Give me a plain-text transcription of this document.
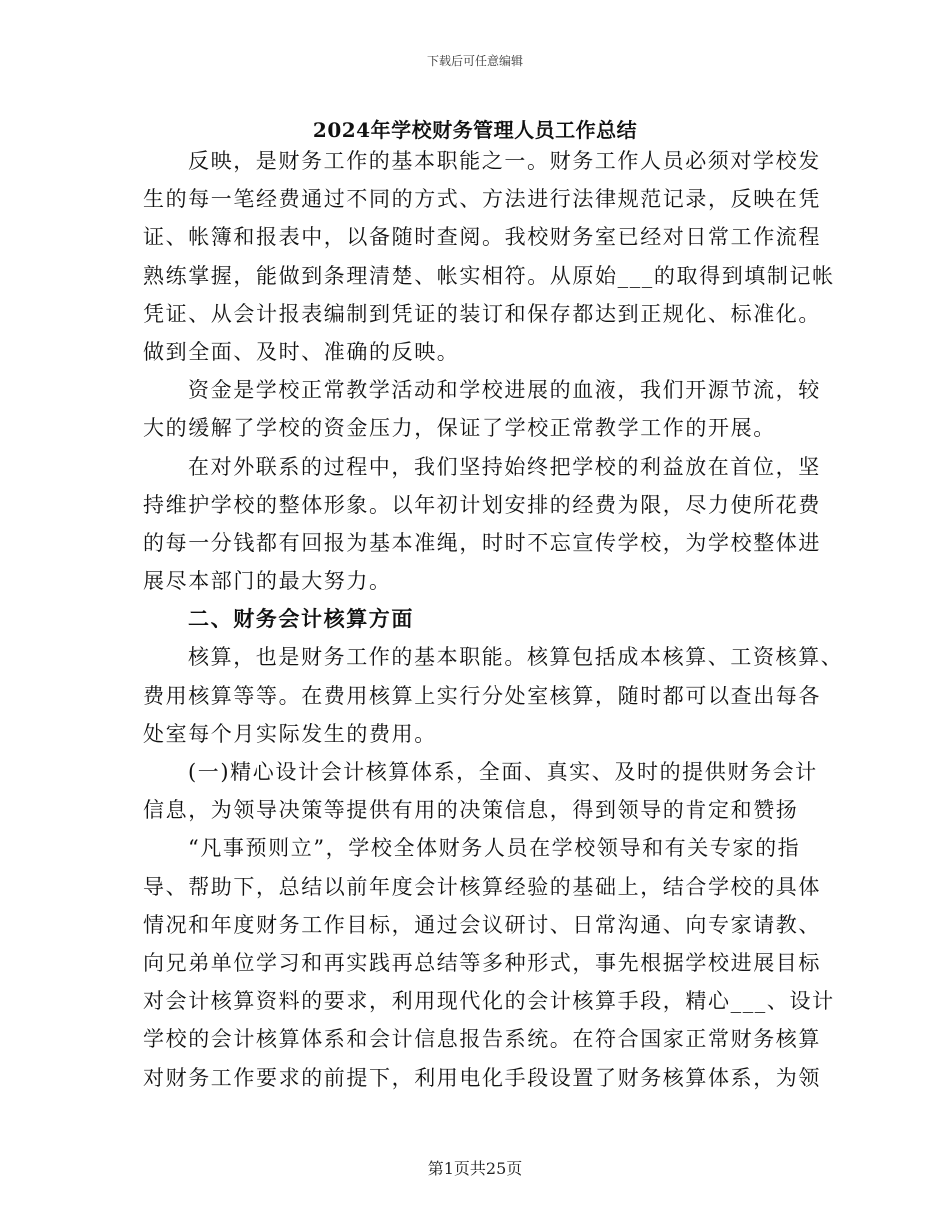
下载后可任意编辑
2024年学校财务管理人员工作总结
反映，是财务工作的基本职能之一。财务工作人员必须对学校发
生的每一笔经费通过不同的方式、方法进行法律规范记录，反映在凭
证、帐簿和报表中，以备随时查阅。我校财务室已经对日常工作流程
熟练掌握，能做到条理清楚、帐实相符。从原始___的取得到填制记帐
凭证、从会计报表编制到凭证的装订和保存都达到正规化、标准化。
做到全面、及时、准确的反映。
资金是学校正常教学活动和学校进展的血液，我们开源节流，较
大的缓解了学校的资金压力，保证了学校正常教学工作的开展。
在对外联系的过程中，我们坚持始终把学校的利益放在首位，坚
持维护学校的整体形象。以年初计划安排的经费为限，尽力使所花费
的每一分钱都有回报为基本准绳，时时不忘宣传学校，为学校整体进
展尽本部门的最大努力。
二、财务会计核算方面
核算，也是财务工作的基本职能。核算包括成本核算、工资核算、
费用核算等等。在费用核算上实行分处室核算，随时都可以查出每各
处室每个月实际发生的费用。
(一)精心设计会计核算体系，全面、真实、及时的提供财务会计
信息，为领导决策等提供有用的决策信息，得到领导的肯定和赞扬
“凡事预则立”，学校全体财务人员在学校领导和有关专家的指
导、帮助下，总结以前年度会计核算经验的基础上，结合学校的具体
情况和年度财务工作目标，通过会议研讨、日常沟通、向专家请教、
向兄弟单位学习和再实践再总结等多种形式，事先根据学校进展目标
对会计核算资料的要求，利用现代化的会计核算手段，精心___、设计
学校的会计核算体系和会计信息报告系统。在符合国家正常财务核算
对财务工作要求的前提下，利用电化手段设置了财务核算体系，为领
第1页共25页
